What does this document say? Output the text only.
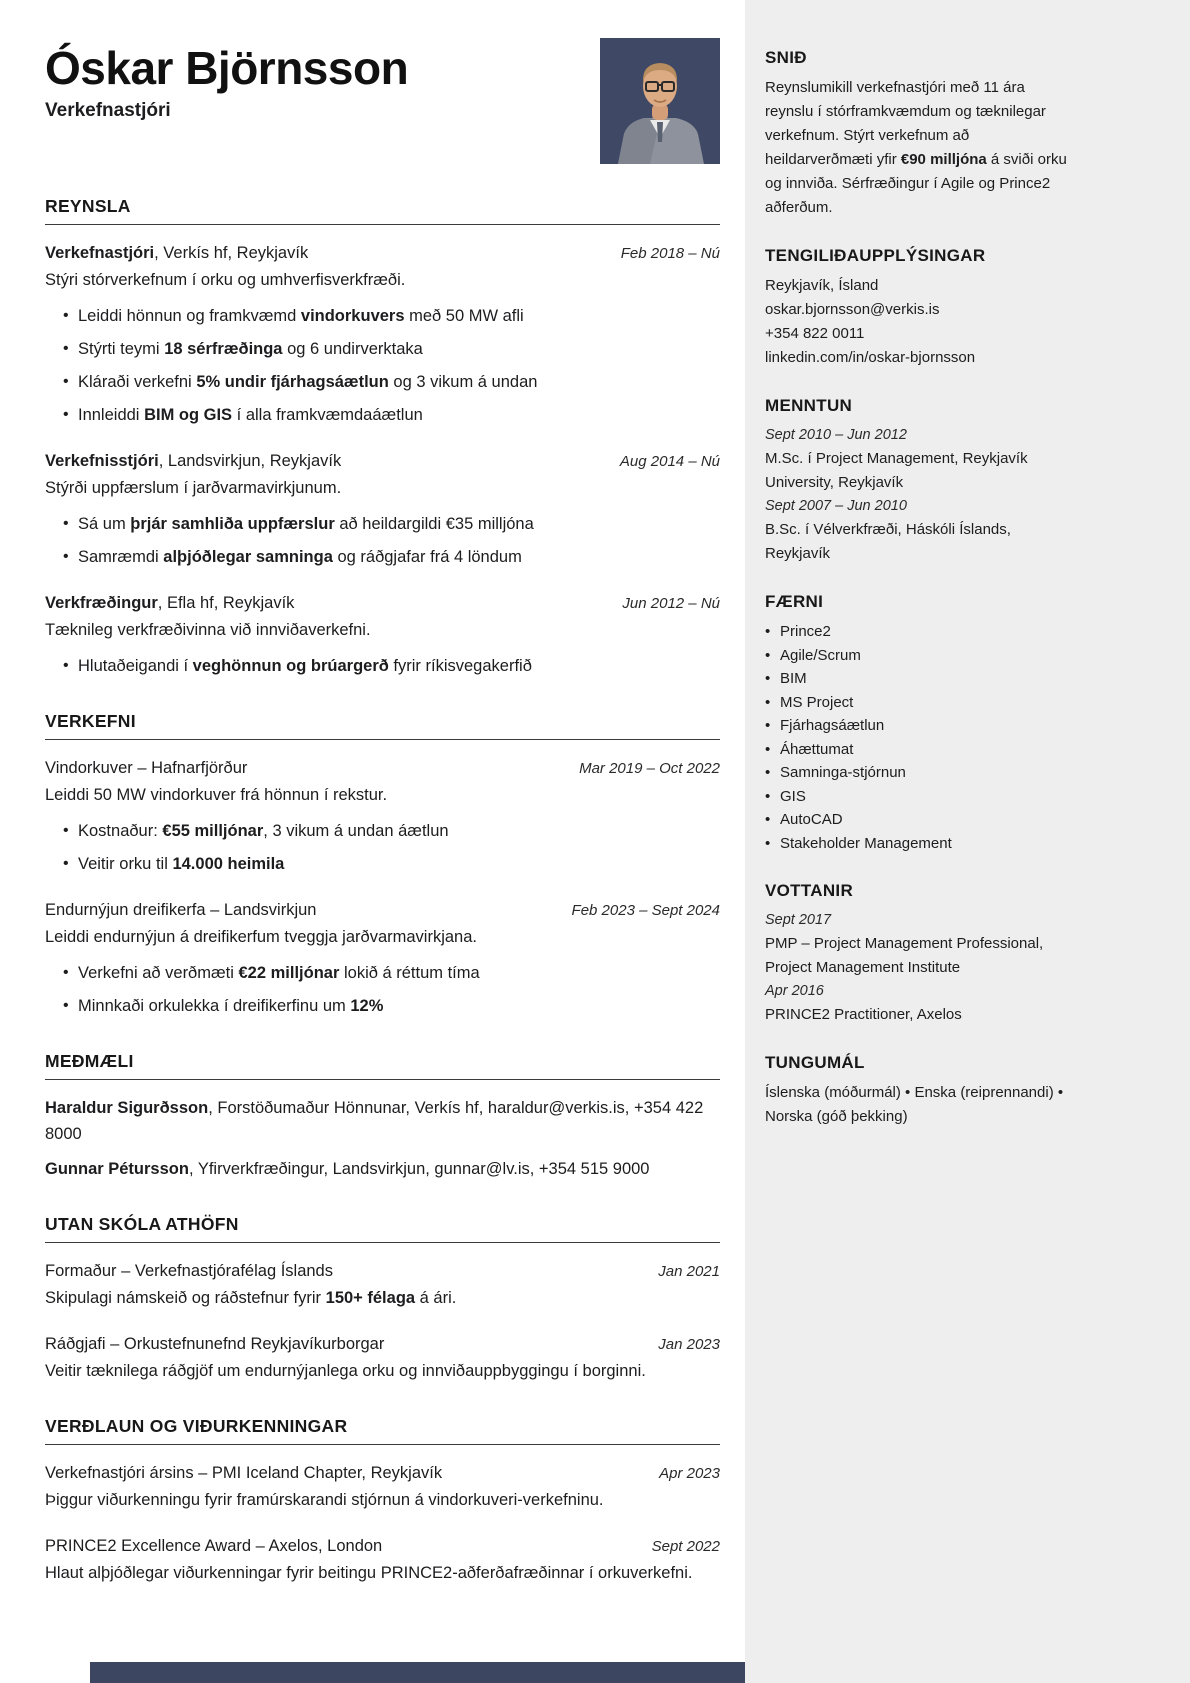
Óskar Björnsson
Verkefnastjóri
REYNSLA
Verkefnastjóri, Verkís hf, Reykjavík	Feb 2018 – Nú
Stýri stórverkefnum í orku og umhverfisverkfræði.
• Leiddi hönnun og framkvæmd vindorkuvers með 50 MW afli
• Stýrti teymi 18 sérfræðinga og 6 undirverktaka
• Kláraði verkefni 5% undir fjárhagsáætlun og 3 vikum á undan
• Innleiddi BIM og GIS í alla framkvæmdaáætlun
Verkefnisstjóri, Landsvirkjun, Reykjavík	Aug 2014 – Nú
Stýrði uppfærslum í jarðvarmavirkjunum.
• Sá um þrjár samhliða uppfærslur að heildargildi €35 milljóna
• Samræmdi alþjóðlegar samninga og ráðgjafar frá 4 löndum
Verkfræðingur, Efla hf, Reykjavík	Jun 2012 – Nú
Tæknileg verkfræðivinna við innviðaverkefni.
• Hlutaðeigandi í veghönnun og brúargerð fyrir ríkisvegakerfið
VERKEFNI
Vindorkuver – Hafnarfjörður	Mar 2019 – Oct 2022
Leiddi 50 MW vindorkuver frá hönnun í rekstur.
• Kostnaður: €55 milljónar, 3 vikum á undan áætlun
• Veitir orku til 14.000 heimila
Endurnýjun dreifikerfa – Landsvirkjun	Feb 2023 – Sept 2024
Leiddi endurnýjun á dreifikerfum tveggja jarðvarmavirkjana.
• Verkefni að verðmæti €22 milljónar lokið á réttum tíma
• Minnkaði orkulekka í dreifikerfinu um 12%
MEÐMÆLI
Haraldur Sigurðsson, Forstöðumaður Hönnunar, Verkís hf, haraldur@verkis.is, +354 422 8000
Gunnar Pétursson, Yfirverkfræðingur, Landsvirkjun, gunnar@lv.is, +354 515 9000
UTAN SKÓLA ATHÖFN
Formaður – Verkefnastjórafélag Íslands	Jan 2021
Skipulagi námskeið og ráðstefnur fyrir 150+ félaga á ári.
Ráðgjafi – Orkustefnunefnd Reykjavíkurborgar	Jan 2023
Veitir tæknilega ráðgjöf um endurnýjanlega orku og innviðauppbyggingu í borginni.
VERÐLAUN OG VIÐURKENNINGAR
Verkefnastjóri ársins – PMI Iceland Chapter, Reykjavík	Apr 2023
Þiggur viðurkenningu fyrir framúrskarandi stjórnun á vindorkuveri-verkefninu.
PRINCE2 Excellence Award – Axelos, London	Sept 2022
Hlaut alþjóðlegar viðurkenningar fyrir beitingu PRINCE2-aðferðafræðinnar í orkuverkefni.
SNIÐ
Reynslumikill verkefnastjóri með 11 ára reynslu í stórframkvæmdum og tæknilegar verkefnum. Stýrt verkefnum að heildarverðmæti yfir €90 milljóna á sviði orku og innviða. Sérfræðingur í Agile og Prince2 aðferðum.
TENGILIÐAUPPLÝSINGAR
Reykjavík, Ísland
oskar.bjornsson@verkis.is
+354 822 0011
linkedin.com/in/oskar-bjornsson
MENNTUN
Sept 2010 – Jun 2012
M.Sc. í Project Management, Reykjavík University, Reykjavík
Sept 2007 – Jun 2010
B.Sc. í Vélverkfræði, Háskóli Íslands, Reykjavík
FÆRNI
• Prince2
• Agile/Scrum
• BIM
• MS Project
• Fjárhagsáætlun
• Áhættumat
• Samninga-stjórnun
• GIS
• AutoCAD
• Stakeholder Management
VOTTANIR
Sept 2017
PMP – Project Management Professional, Project Management Institute
Apr 2016
PRINCE2 Practitioner, Axelos
TUNGUMÁL
Íslenska (móðurmál) • Enska (reiprennandi) • Norska (góð þekking)
